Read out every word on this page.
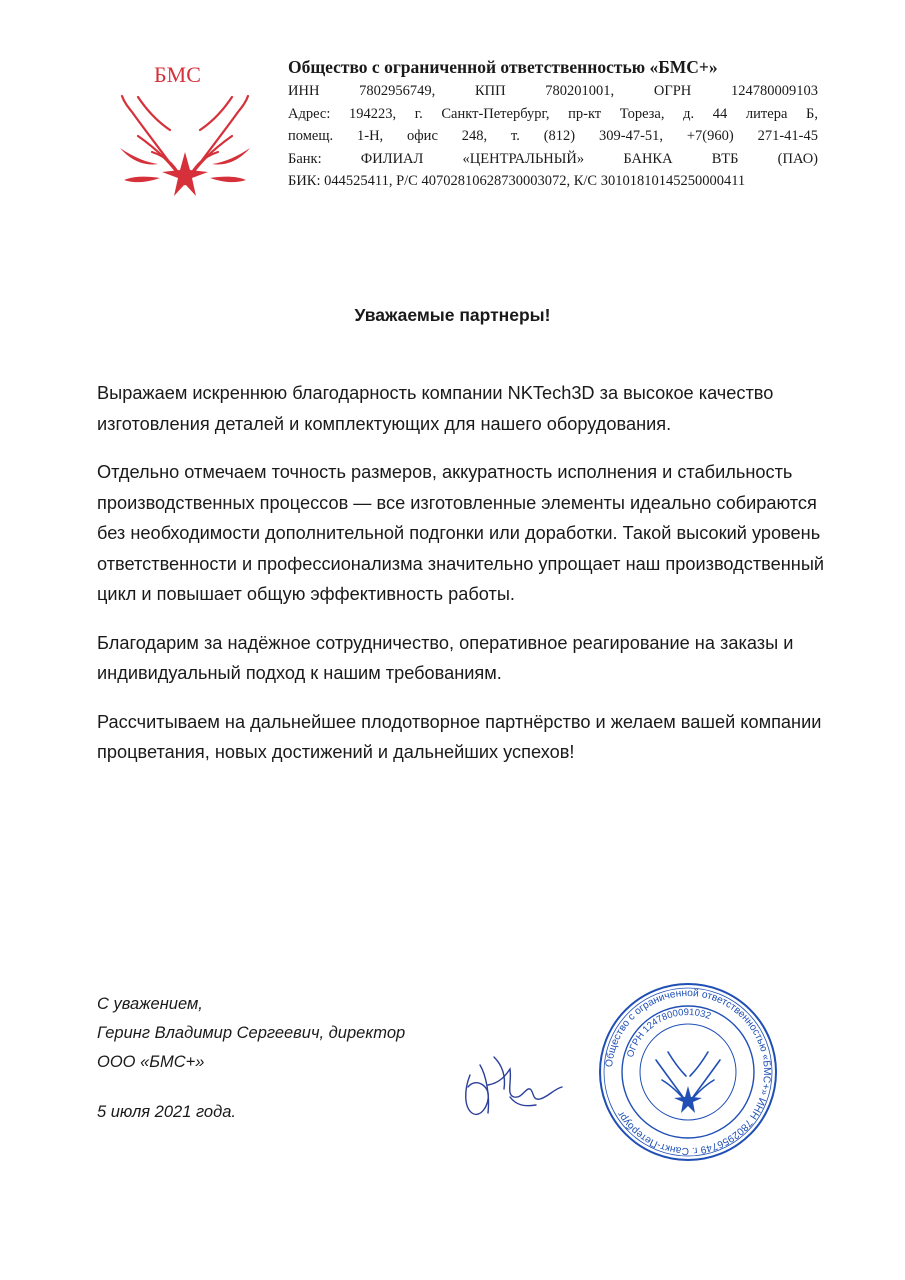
БМС	Общество с ограниченной ответственностью «БМС+»
ИНН 7802956749, КПП 780201001, ОГРН 124780009103
Адрес: 194223, г. Санкт-Петербург, пр-кт Тореза, д. 44 литера Б,
помещ. 1-Н, офис 248, т. (812) 309-47-51, +7(960) 271-41-45
Банк: ФИЛИАЛ «ЦЕНТРАЛЬНЫЙ» БАНКА ВТБ (ПАО)
БИК: 044525411, Р/С 40702810628730003072, К/С 30101810145250000411
Уважаемые партнеры!

Выражаем искреннюю благодарность компании NKTech3D за высокое качество изготовления деталей и комплектующих для нашего оборудования.

Отдельно отмечаем точность размеров, аккуратность исполнения и стабильность производственных процессов — все изготовленные элементы идеально собираются без необходимости дополнительной подгонки или доработки. Такой высокий уровень ответственности и профессионализма значительно упрощает наш производственный цикл и повышает общую эффективность работы.

Благодарим за надёжное сотрудничество, оперативное реагирование на заказы и индивидуальный подход к нашим требованиям.

Рассчитываем на дальнейшее плодотворное партнёрство и желаем вашей компании процветания, новых достижений и дальнейших успехов!

С уважением,
Геринг Владимир Сергеевич, директор
ООО «БМС+»
5 июля 2021 года.
Общество с ограниченной ответственностью «БМС+» ИНН 7802956749 г. Санкт-Петербург
ОГРН 1247800091032
